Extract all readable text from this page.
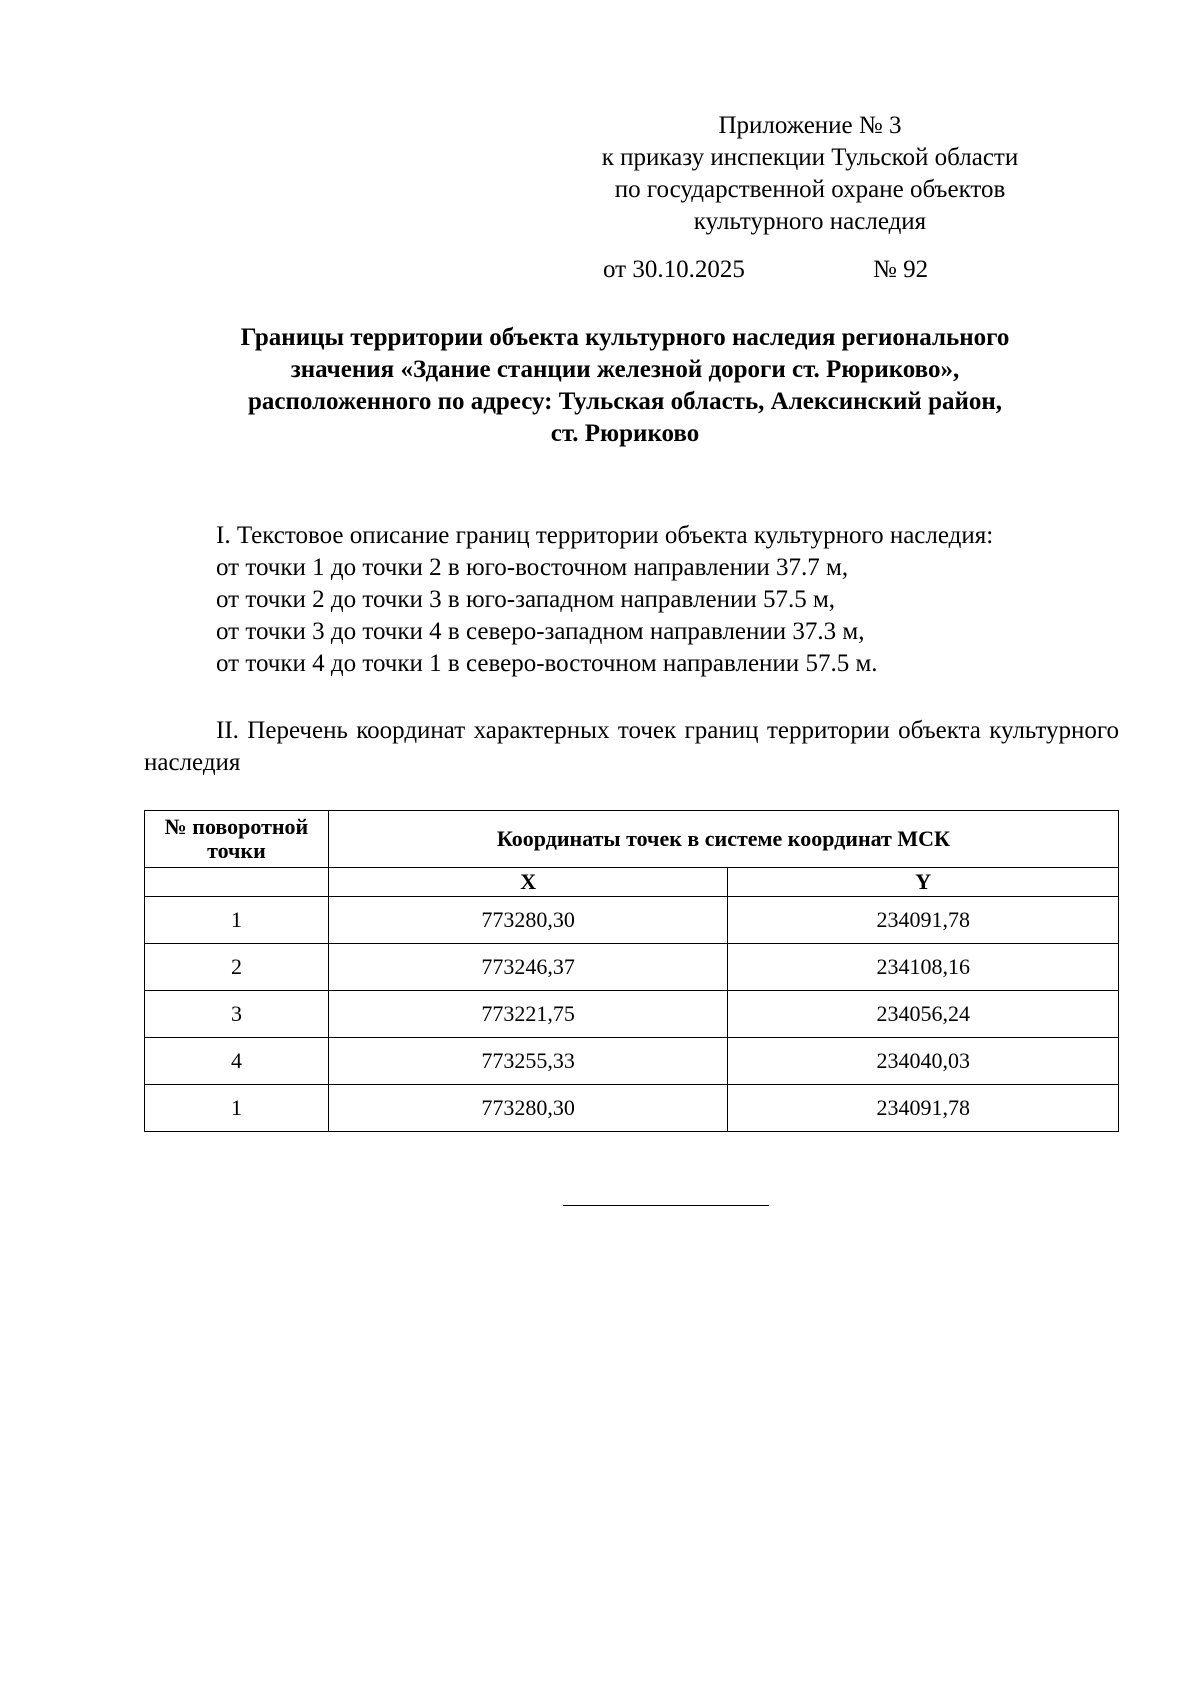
Приложение № 3
к приказу инспекции Тульской области
по государственной охране объектов
культурного наследия
от 30.10.2025	№ 92
Границы территории объекта культурного наследия регионального
значения «Здание станции железной дороги ст. Рюриково»,
расположенного по адресу: Тульская область, Алексинский район,
ст. Рюриково
I. Текстовое описание границ территории объекта культурного наследия:
от точки 1 до точки 2 в юго-восточном направлении 37.7 м,
от точки 2 до точки 3 в юго-западном направлении 57.5 м,
от точки 3 до точки 4 в северо-западном направлении 37.3 м,
от точки 4 до точки 1 в северо-восточном направлении 57.5 м.
II. Перечень координат характерных точек границ территории объекта культурного наследия
№ поворотной точки	Координаты точек в системе координат МСК	
	X	Y
1	773280,30	234091,78
2	773246,37	234108,16
3	773221,75	234056,24
4	773255,33	234040,03
1	773280,30	234091,78
